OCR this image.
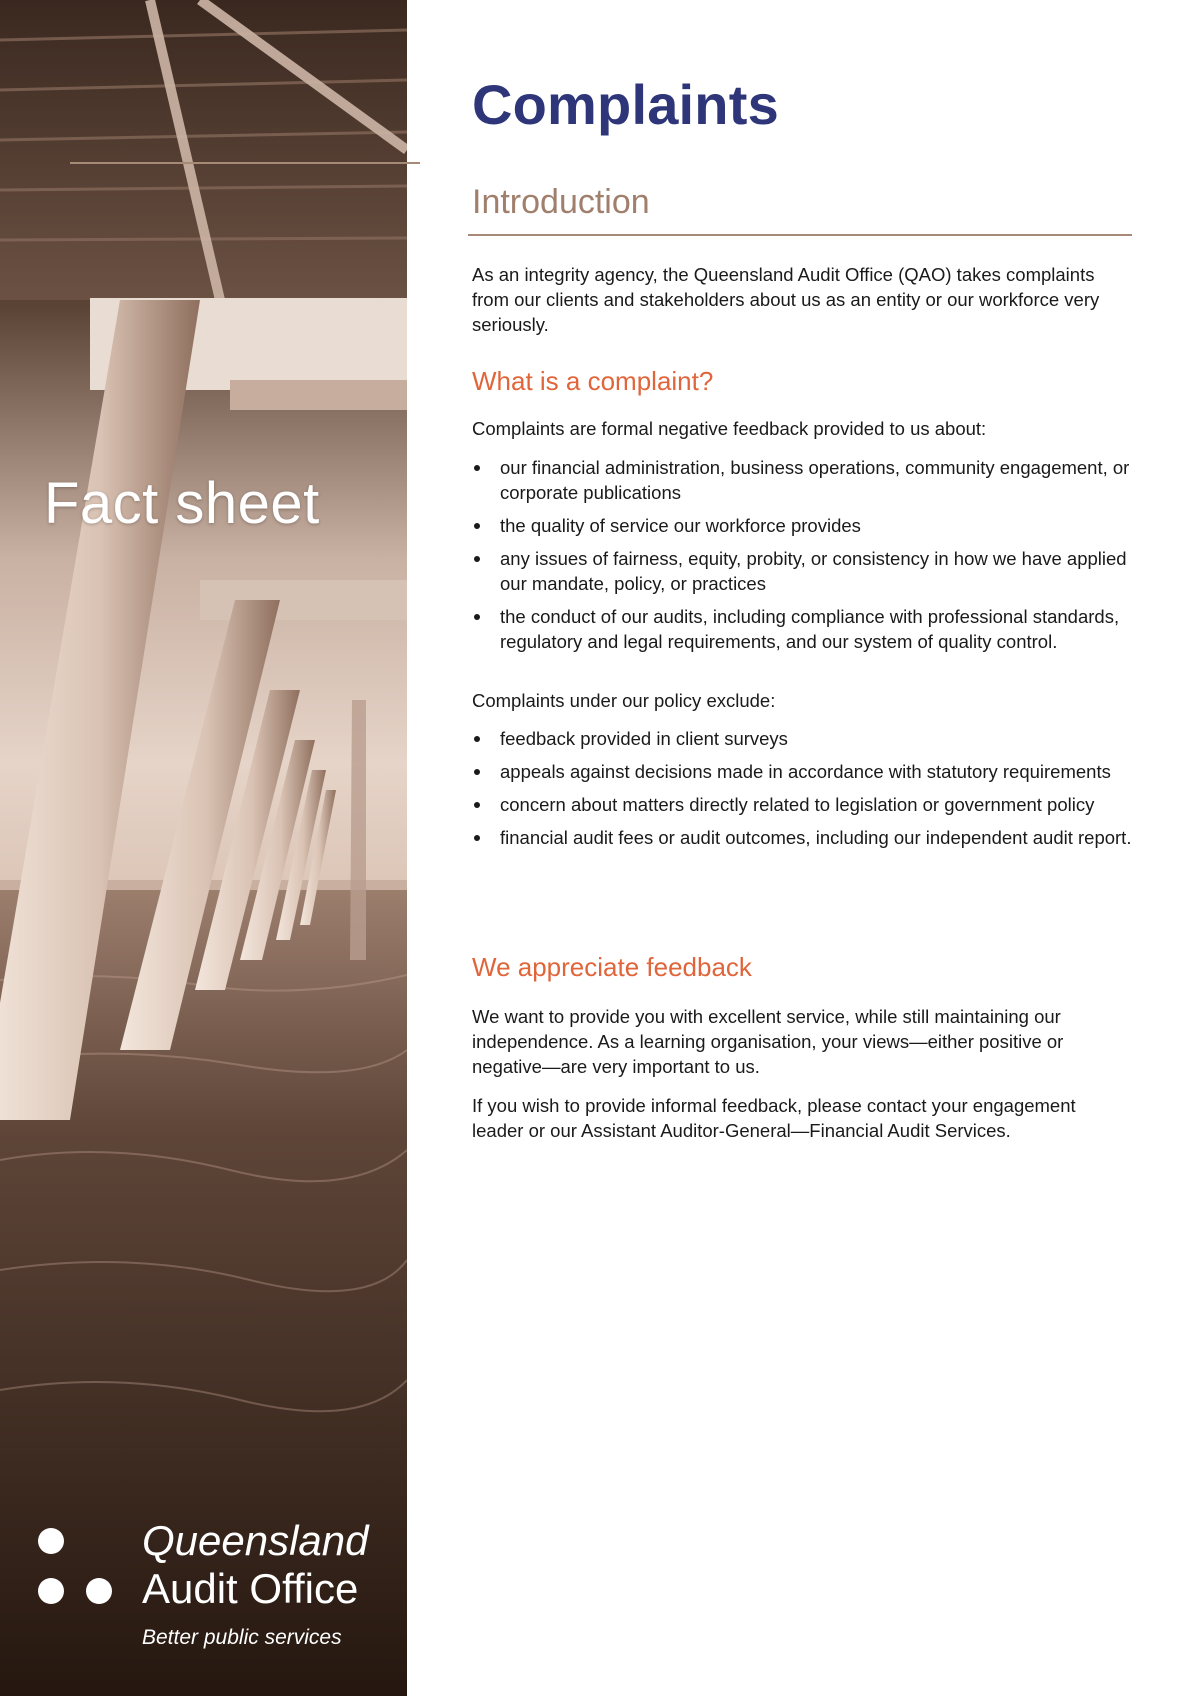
Fact sheet
Queensland
Audit Office
Better public services
Complaints
Introduction

As an integrity agency, the Queensland Audit Office (QAO) takes complaints from our clients and stakeholders about us as an entity or our workforce very seriously.

What is a complaint?

Complaints are formal negative feedback provided to us about:

our financial administration, business operations, community engagement, or corporate publications
the quality of service our workforce provides
any issues of fairness, equity, probity, or consistency in how we have applied our mandate, policy, or practices
the conduct of our audits, including compliance with professional standards, regulatory and legal requirements, and our system of quality control.

Complaints under our policy exclude:

feedback provided in client surveys
appeals against decisions made in accordance with statutory requirements
concern about matters directly related to legislation or government policy
financial audit fees or audit outcomes, including our independent audit report.
We appreciate feedback

We want to provide you with excellent service, while still maintaining our independence. As a learning organisation, your views—either positive or negative—are very important to us.

If you wish to provide informal feedback, please contact your engagement leader or our Assistant Auditor-General—Financial Audit Services.
